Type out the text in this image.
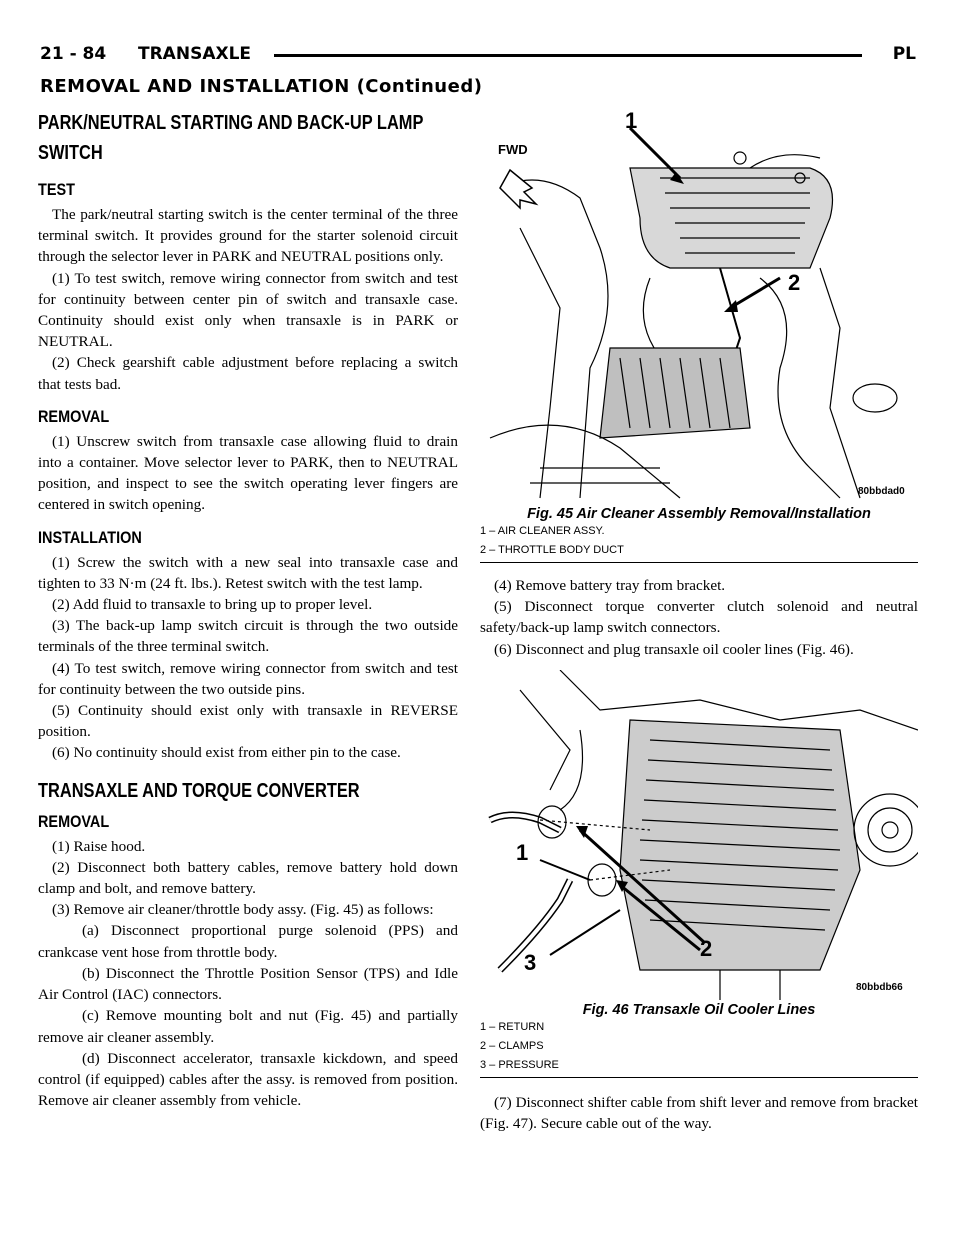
21 - 84 TRANSAXLE	PL
REMOVAL AND INSTALLATION (Continued)
PARK/NEUTRAL STARTING AND BACK-UP LAMP SWITCH
TEST

The park/neutral starting switch is the center terminal of the three terminal switch. It provides ground for the starter solenoid circuit through the selector lever in PARK and NEUTRAL positions only.

(1) To test switch, remove wiring connector from switch and test for continuity between center pin of switch and transaxle case. Continuity should exist only when transaxle is in PARK or NEUTRAL.

(2) Check gearshift cable adjustment before replacing a switch that tests bad.

REMOVAL

(1) Unscrew switch from transaxle case allowing fluid to drain into a container. Move selector lever to PARK, then to NEUTRAL position, and inspect to see the switch operating lever fingers are centered in switch opening.

INSTALLATION

(1) Screw the switch with a new seal into transaxle case and tighten to 33 N·m (24 ft. lbs.). Retest switch with the test lamp.

(2) Add fluid to transaxle to bring up to proper level.

(3) The back-up lamp switch circuit is through the two outside terminals of the three terminal switch.

(4) To test switch, remove wiring connector from switch and test for continuity between the two outside pins.

(5) Continuity should exist only with transaxle in REVERSE position.

(6) No continuity should exist from either pin to the case.

TRANSAXLE AND TORQUE CONVERTER
REMOVAL

(1) Raise hood.

(2) Disconnect both battery cables, remove battery hold down clamp and bolt, and remove battery.

(3) Remove air cleaner/throttle body assy. (Fig. 45) as follows:

(a) Disconnect proportional purge solenoid (PPS) and crankcase vent hose from throttle body.

(b) Disconnect the Throttle Position Sensor (TPS) and Idle Air Control (IAC) connectors.

(c) Remove mounting bolt and nut (Fig. 45) and partially remove air cleaner assembly.

(d) Disconnect accelerator, transaxle kickdown, and speed control (if equipped) cables after the assy. is removed from position. Remove air cleaner assembly from vehicle.

FWD
1
2
80bbdad0
Fig. 45 Air Cleaner Assembly Removal/Installation
1 – AIR CLEANER ASSY.
2 – THROTTLE BODY DUCT

(4) Remove battery tray from bracket.

(5) Disconnect torque converter clutch solenoid and neutral safety/back-up lamp switch connectors.

(6) Disconnect and plug transaxle oil cooler lines (Fig. 46).

1
2
3
80bbdb66
Fig. 46 Transaxle Oil Cooler Lines
1 – RETURN
2 – CLAMPS
3 – PRESSURE

(7) Disconnect shifter cable from shift lever and remove from bracket (Fig. 47). Secure cable out of the way.
